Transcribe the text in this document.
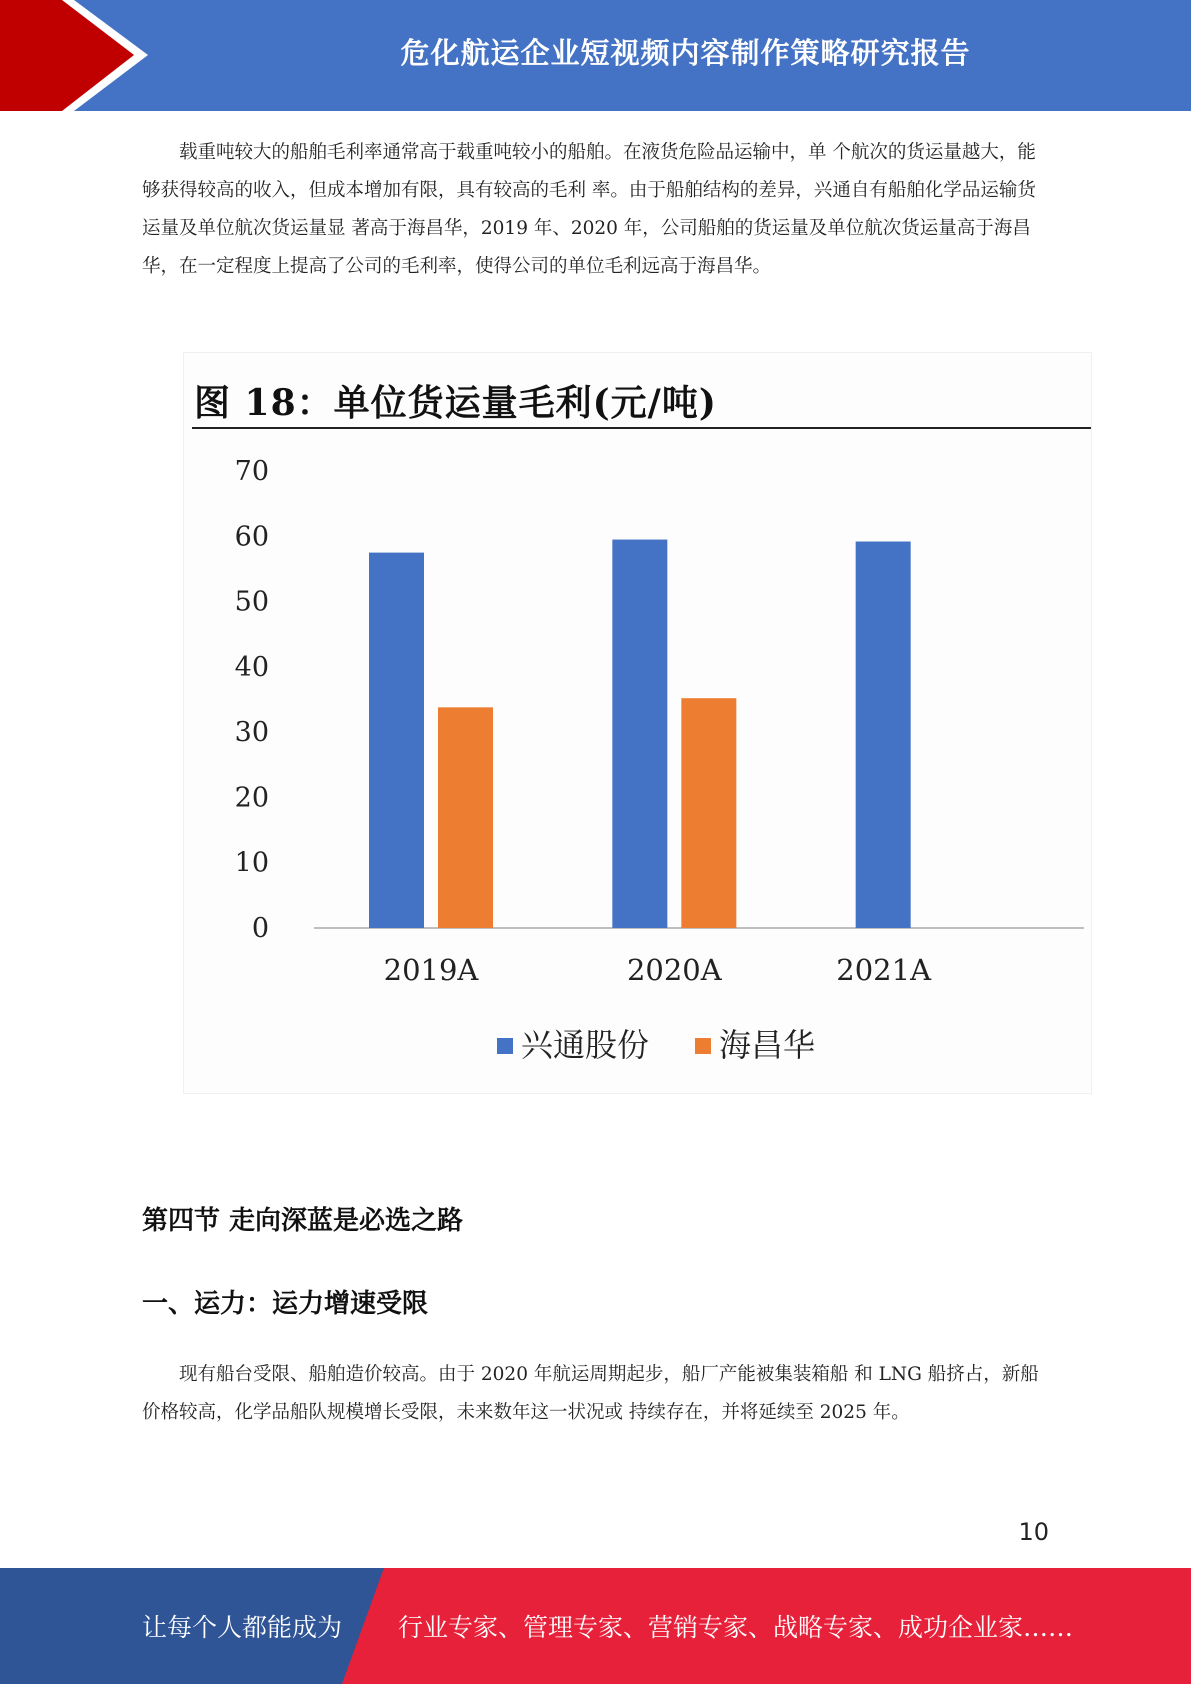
危化航运企业短视频内容制作策略研究报告

载重吨较大的船舶毛利率通常高于载重吨较小的船舶。在液货危险品运输中，单 个航次的货运量越大，能够获得较高的收入，但成本增加有限，具有较高的毛利 率。由于船舶结构的差异，兴通自有船舶化学品运输货运量及单位航次货运量显 著高于海昌华，2019 年、2020 年，公司船舶的货运量及单位航次货运量高于海昌 华，在一定程度上提高了公司的毛利率，使得公司的单位毛利远高于海昌华。

图 18：单位货运量毛利(元/吨)
0
10
20
30
40
50
60
70
2019A	2020A	2021A
兴通股份 海昌华
第四节 走向深蓝是必选之路
一、运力：运力增速受限

现有船台受限、船舶造价较高。由于 2020 年航运周期起步，船厂产能被集装箱船 和 LNG 船挤占，新船价格较高，化学品船队规模增长受限，未来数年这一状况或 持续存在，并将延续至 2025 年。

10
让每个人都能成为 行业专家、管理专家、营销专家、战略专家、成功企业家……
